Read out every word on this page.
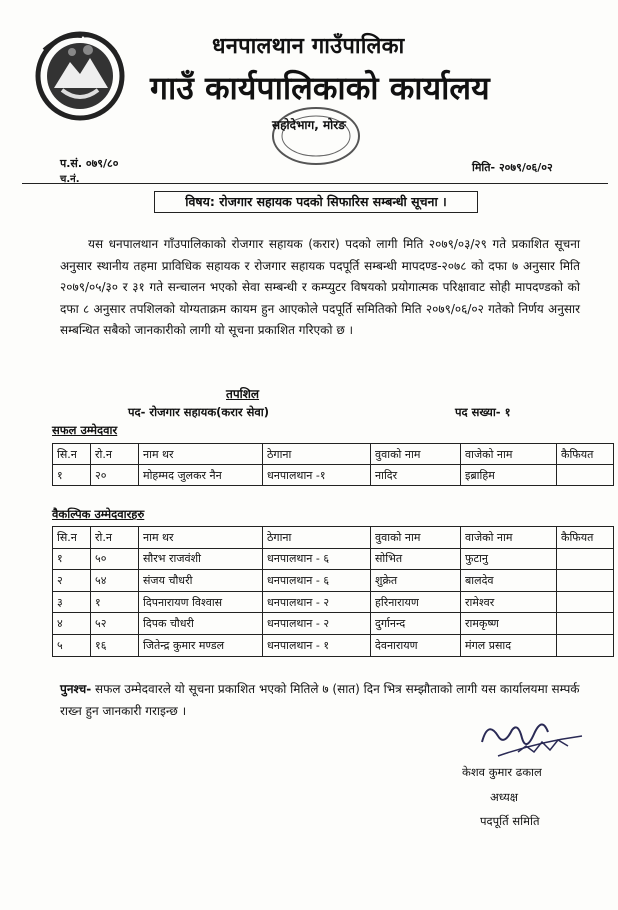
धनपालथान गाउँपालिका
गाउँ कार्यपालिकाको कार्यालय
सहोदेभाग, मोरङ
प.सं. ०७९/८०
च.नं.
मिति- २०७९/०६/०२
विषय: रोजगार सहायक पदको सिफारिस सम्बन्धी सूचना ।
यस धनपालथान गाँउपालिकाको रोजगार सहायक (करार) पदको लागी मिति २०७९/०३/२९ गते प्रकाशित सूचना अनुसार स्थानीय तहमा प्राविधिक सहायक र रोजगार सहायक पदपूर्ति सम्बन्धी मापदण्ड-२०७८ को दफा ७ अनुसार मिति २०७९/०५/३० र ३१ गते सन्चालन भएको सेवा सम्बन्धी र कम्प्युटर विषयको प्रयोगात्मक परिक्षावाट सोही मापदण्डको को दफा ८ अनुसार तपशिलको योग्यताक्रम कायम हुन आएकोले पदपूर्ति समितिको मिति २०७९/०६/०२ गतेको निर्णय अनुसार सम्बन्धित सबैको जानकारीको लागी यो सूचना प्रकाशित गरिएको छ ।
तपशिल
पद- रोजगार सहायक(करार सेवा)	पद सख्या- १
सफल उम्मेदवार
सि.न	रो.न	नाम थर	ठेगाना	वुवाको नाम	वाजेको नाम	कैफियत
१	२०	मोहम्मद जुलकर नैन	धनपालथान -१	नादिर	इब्राहिम	
वैकल्पिक उम्मेदवारहरु
सि.न	रो.न	नाम थर	ठेगाना	वुवाको नाम	वाजेको नाम	कैफियत
१	५०	सौरभ राजवंशी	धनपालथान - ६	सोभित	फुटानु	
२	५४	संजय चौधरी	धनपालथान - ६	शुक्रेत	बालदेव	
३	१	दिपनारायण विश्वास	धनपालथान - २	हरिनारायण	रामेश्वर	
४	५२	दिपक चौधरी	धनपालथान - २	दुर्गानन्द	रामकृष्ण	
५	१६	जितेन्द्र कुमार मण्डल	धनपालथान - १	देवनारायण	मंगल प्रसाद	
पुनश्च- सफल उम्मेदवारले यो सूचना प्रकाशित भएको मितिले ७ (सात) दिन भित्र सम्झौताको लागी यस कार्यालयमा सम्पर्क राख्न हुन जानकारी गराइन्छ ।
केशव कुमार ढकाल
अध्यक्ष
पदपूर्ति समिति
